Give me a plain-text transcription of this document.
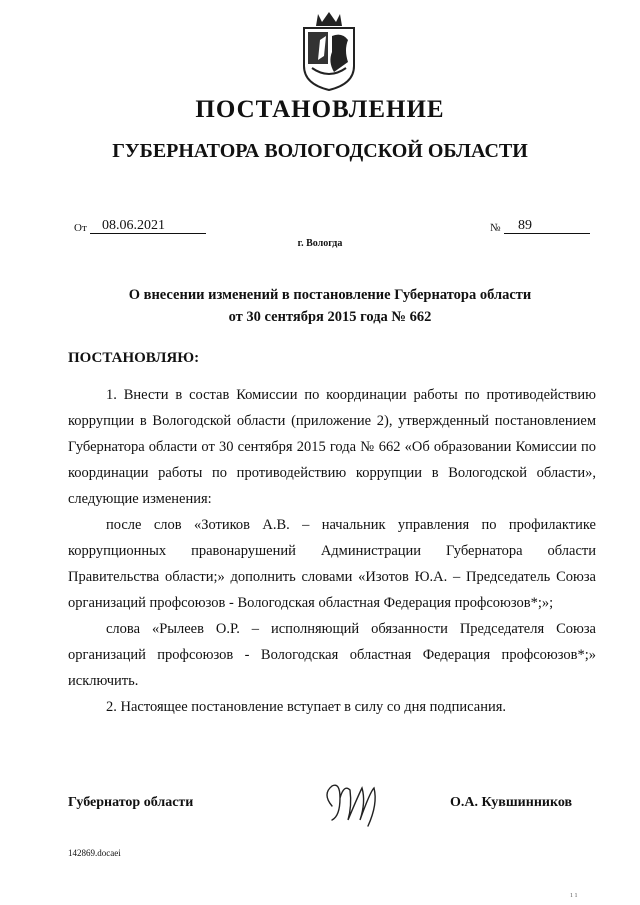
ПОСТАНОВЛЕНИЕ
ГУБЕРНАТОРА ВОЛОГОДСКОЙ ОБЛАСТИ
От	08.06.2021	№	89
г. Вологда
О внесении изменений в постановление Губернатора области
от 30 сентября 2015 года № 662
ПОСТАНОВЛЯЮ:

1. Внести в состав Комиссии по координации работы по противодействию коррупции в Вологодской области (приложение 2), утвержденный постановлением Губернатора области от 30 сентября 2015 года № 662 «Об образовании Комиссии по координации работы по противодействию коррупции в Вологодской области», следующие изменения:

после слов «Зотиков А.В. – начальник управления по профилактике коррупционных правонарушений Администрации Губернатора области Правительства области;» дополнить словами «Изотов Ю.А. – Председатель Союза организаций профсоюзов - Вологодская областная Федерация профсоюзов*;»;

слова «Рылеев О.Р. – исполняющий обязанности Председателя Союза организаций профсоюзов - Вологодская областная Федерация профсоюзов*;» исключить.

2. Настоящее постановление вступает в силу со дня подписания.

Губернатор области	О.А. Кувшинников
142869.docaei
1 1
